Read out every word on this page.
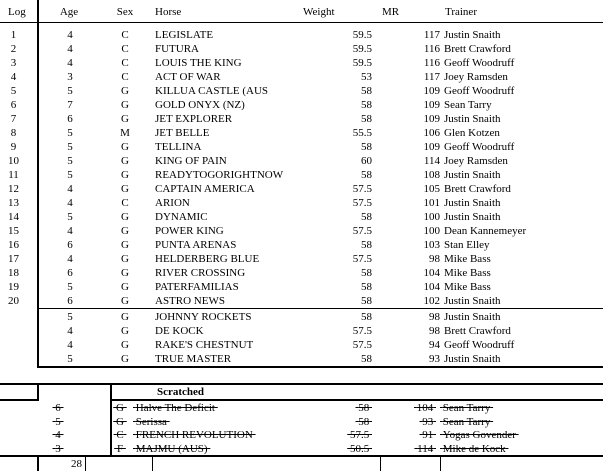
Log	Age	Sex	Horse	Weight	MR	Trainer
1	4	C	LEGISLATE	59.5	117 Justin Snaith
2	4	C	FUTURA	59.5	116 Brett Crawford
3	4	C	LOUIS THE KING	59.5	116 Geoff Woodruff
4	3	C	ACT OF WAR	53	117 Joey Ramsden
5	5	G	KILLUA CASTLE (AUS	58	109 Geoff Woodruff
6	7	G	GOLD ONYX (NZ)	58	109 Sean Tarry
7	6	G	JET EXPLORER	58	109 Justin Snaith
8	5	M	JET BELLE	55.5	106 Glen Kotzen
9	5	G	TELLINA	58	109 Geoff Woodruff
10	5	G	KING OF PAIN	60	114 Joey Ramsden
11	5	G	READYTOGORIGHTNOW	58	108 Justin Snaith
12	4	G	CAPTAIN AMERICA	57.5	105 Brett Crawford
13	4	C	ARION	57.5	101 Justin Snaith
14	5	G	DYNAMIC	58	100 Justin Snaith
15	4	G	POWER KING	57.5	100 Dean Kannemeyer
16	6	G	PUNTA ARENAS	58	103 Stan Elley
17	4	G	HELDERBERG BLUE	57.5	98 Mike Bass
18	6	G	RIVER CROSSING	58	104 Mike Bass
19	5	G	PATERFAMILIAS	58	104 Mike Bass
20	6	G	ASTRO NEWS	58	102 Justin Snaith
5	G	JOHNNY ROCKETS	58	98 Justin Snaith
4	G	DE KOCK	57.5	98 Brett Crawford
4	G	RAKE'S CHESTNUT	57.5	94 Geoff Woodruff
5	G	TRUE MASTER	58	93 Justin Snaith
Scratched
6	G	Halve The Deficit	58	104 Sean Tarry
5	G	Serissa	58	93 Sean Tarry
4	C	FRENCH REVOLUTION	57.5	91 Yogas Govender
3	F	MAJMU (AUS)	50.5	114 Mike de Kock
28
